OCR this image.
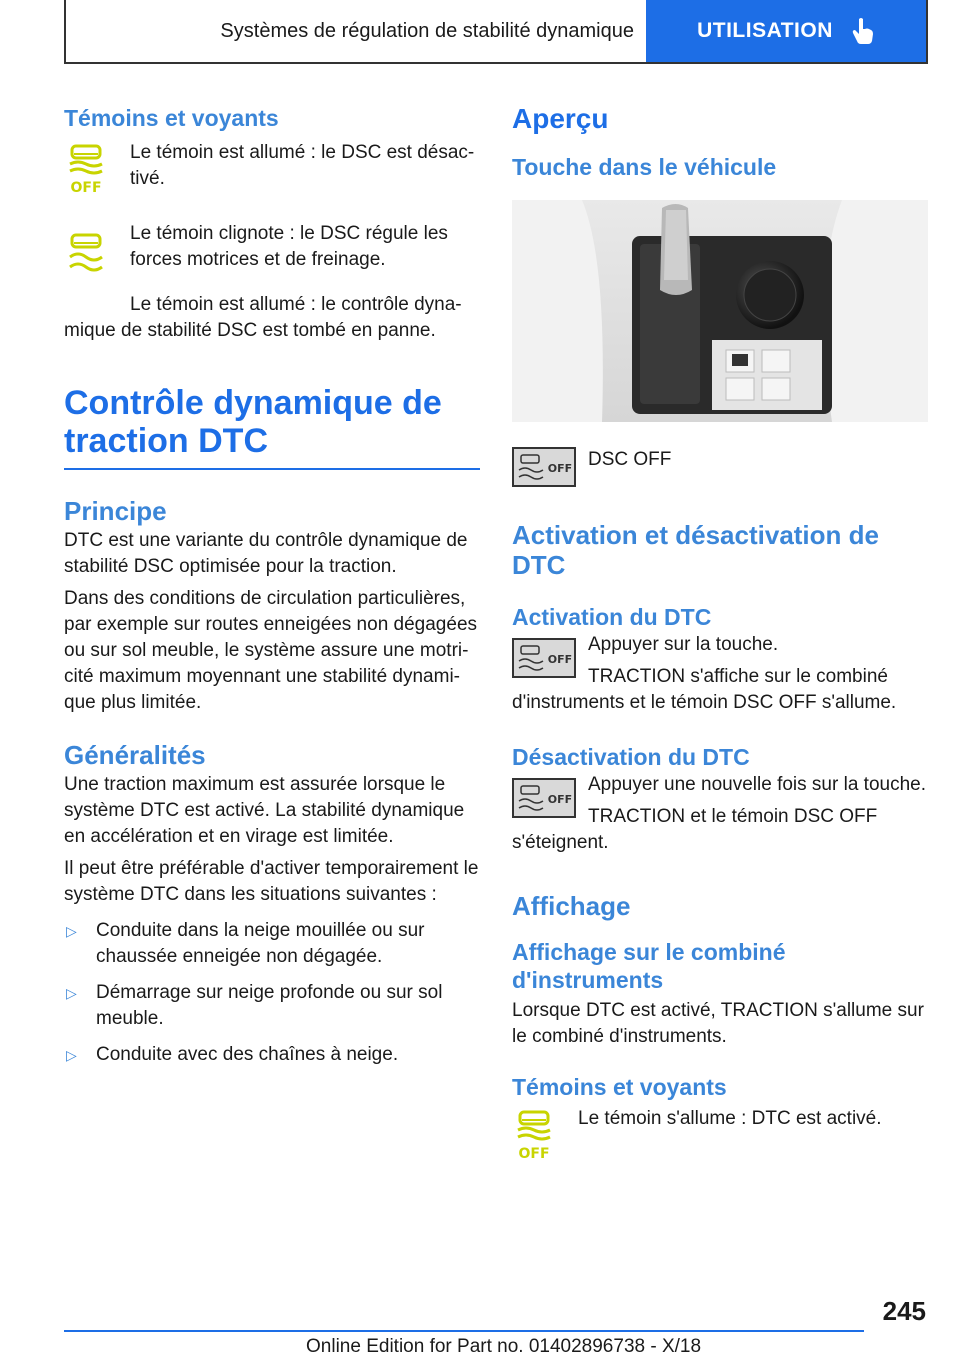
Systèmes de régulation de stabilité dynamique	UTILISATION
Témoins et voyants
OFF

Le témoin est allumé : le DSC est désac‐tivé.

Le témoin clignote : le DSC régule les forces motrices et de freinage.

Le témoin est allumé : le contrôle dyna‐mique de stabilité DSC est tombé en panne.

Contrôle dynamique de traction DTC
Principe

DTC est une variante du contrôle dynamique de stabilité DSC optimisée pour la traction.

Dans des conditions de circulation particulières, par exemple sur routes enneigées non dégagées ou sur sol meuble, le système assure une motri‐cité maximum moyennant une stabilité dynami‐que plus limitée.

Généralités

Une traction maximum est assurée lorsque le système DTC est activé. La stabilité dynamique en accélération et en virage est limitée.

Il peut être préférable d'activer temporairement le système DTC dans les situations suivantes :

▷	Conduite dans la neige mouillée ou sur chaussée enneigée non dégagée.
▷	Démarrage sur neige profonde ou sur sol meuble.
▷	Conduite avec des chaînes à neige.
Aperçu
Touche dans le véhicule
OFF DSC OFF

Activation et désactivation de DTC
Activation du DTC
OFF

Appuyer sur la touche.

TRACTION s'affiche sur le combiné

d'instruments et le témoin DSC OFF s'allume.

Désactivation du DTC
OFF

Appuyer une nouvelle fois sur la touche.

TRACTION et le témoin DSC OFF

s'éteignent.

Affichage
Affichage sur le combiné d'instruments

Lorsque DTC est activé, TRACTION s'allume sur le combiné d'instruments.

Témoins et voyants
OFF

Le témoin s'allume : DTC est activé.

245
Online Edition for Part no. 01402896738 - X/18
